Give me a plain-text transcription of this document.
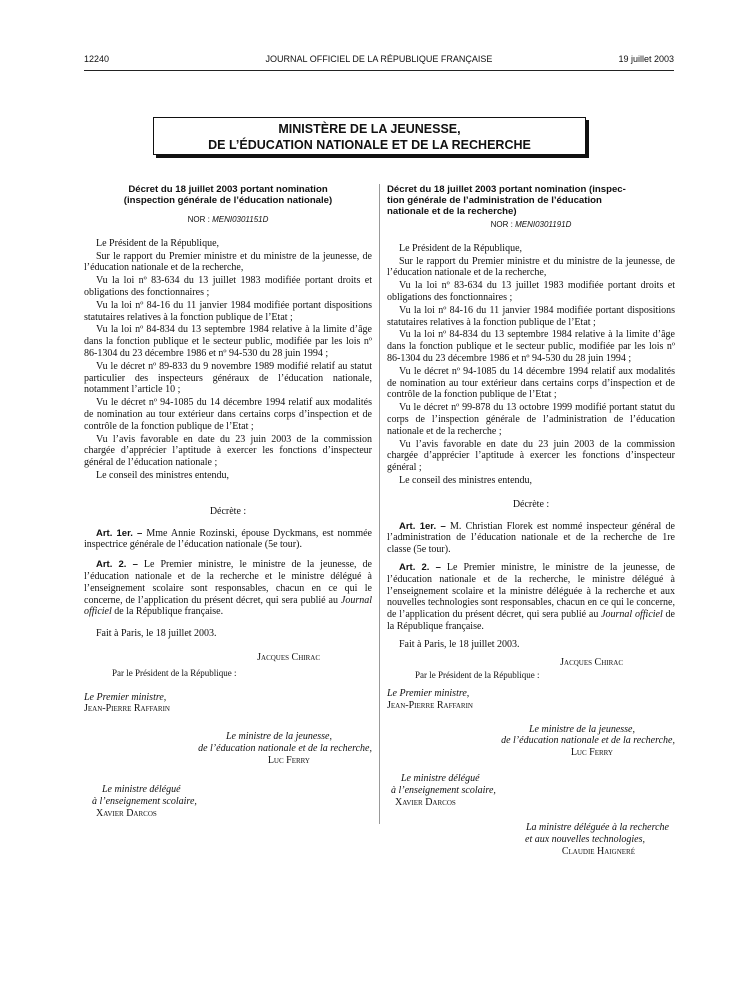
12240	JOURNAL OFFICIEL DE LA RÉPUBLIQUE FRANÇAISE	19 juillet 2003
MINISTÈRE DE LA JEUNESSE,
DE L’ÉDUCATION NATIONALE ET DE LA RECHERCHE
Décret du 18 juillet 2003 portant nomination
(inspection générale de l’éducation nationale)
NOR : MENI0301151D

Le Président de la République,

Sur le rapport du Premier ministre et du ministre de la jeunesse, de l’éducation nationale et de la recherche,

Vu la loi nº 83-634 du 13 juillet 1983 modifiée portant droits et obligations des fonctionnaires ;

Vu la loi nº 84-16 du 11 janvier 1984 modifiée portant dispositions statutaires relatives à la fonction publique de l’Etat ;

Vu la loi nº 84-834 du 13 septembre 1984 relative à la limite d’âge dans la fonction publique et le secteur public, modifiée par les lois nº 86-1304 du 23 décembre 1986 et nº 94-530 du 28 juin 1994 ;

Vu le décret nº 89-833 du 9 novembre 1989 modifié relatif au statut particulier des inspecteurs généraux de l’éducation nationale, notamment l’article 10 ;

Vu le décret nº 94-1085 du 14 décembre 1994 relatif aux modalités de nomination au tour extérieur dans certains corps d’inspection et de contrôle de la fonction publique de l’Etat ;

Vu l’avis favorable en date du 23 juin 2003 de la commission chargée d’apprécier l’aptitude à exercer les fonctions d’inspecteur général de l’éducation nationale ;

Le conseil des ministres entendu,

Décrète :

Art. 1er. – Mme Annie Rozinski, épouse Dyckmans, est nommée inspectrice générale de l’éducation nationale (5e tour).

Art. 2. – Le Premier ministre, le ministre de la jeunesse, de l’éducation nationale et de la recherche et le ministre délégué à l’enseignement scolaire sont responsables, chacun en ce qui le concerne, de l’application du présent décret, qui sera publié au Journal officiel de la République française.

Fait à Paris, le 18 juillet 2003.

Jacques Chirac
Par le Président de la République :
Le Premier ministre,
Jean-Pierre Raffarin
Le ministre de la jeunesse,
de l’éducation nationale et de la recherche,
Luc Ferry
Le ministre délégué
à l’enseignement scolaire,
Xavier Darcos
Décret du 18 juillet 2003 portant nomination (inspec-
tion générale de l’administration de l’éducation
nationale et de la recherche)
NOR : MENI0301191D

Le Président de la République,

Sur le rapport du Premier ministre et du ministre de la jeunesse, de l’éducation nationale et de la recherche,

Vu la loi nº 83-634 du 13 juillet 1983 modifiée portant droits et obligations des fonctionnaires ;

Vu la loi nº 84-16 du 11 janvier 1984 modifiée portant dispositions statutaires relatives à la fonction publique de l’Etat ;

Vu la loi nº 84-834 du 13 septembre 1984 relative à la limite d’âge dans la fonction publique et le secteur public, modifiée par les lois nº 86-1304 du 23 décembre 1986 et nº 94-530 du 28 juin 1994 ;

Vu le décret nº 94-1085 du 14 décembre 1994 relatif aux modalités de nomination au tour extérieur dans certains corps d’inspection et de contrôle de la fonction publique de l’Etat ;

Vu le décret nº 99-878 du 13 octobre 1999 modifié portant statut du corps de l’inspection générale de l’administration de l’éducation nationale et de la recherche ;

Vu l’avis favorable en date du 23 juin 2003 de la commission chargée d’apprécier l’aptitude à exercer les fonctions d’inspecteur général ;

Le conseil des ministres entendu,

Décrète :

Art. 1er. – M. Christian Florek est nommé inspecteur général de l’administration de l’éducation nationale et de la recherche de 1re classe (5e tour).

Art. 2. – Le Premier ministre, le ministre de la jeunesse, de l’éducation nationale et de la recherche, le ministre délégué à l’enseignement scolaire et la ministre déléguée à la recherche et aux nouvelles technologies sont responsables, chacun en ce qui le concerne, de l’application du présent décret, qui sera publié au Journal officiel de la République française.

Fait à Paris, le 18 juillet 2003.

Jacques Chirac
Par le Président de la République :
Le Premier ministre,
Jean-Pierre Raffarin
Le ministre de la jeunesse,
de l’éducation nationale et de la recherche,
Luc Ferry
Le ministre délégué
à l’enseignement scolaire,
Xavier Darcos
La ministre déléguée à la recherche
et aux nouvelles technologies,
Claudie Haigneré
